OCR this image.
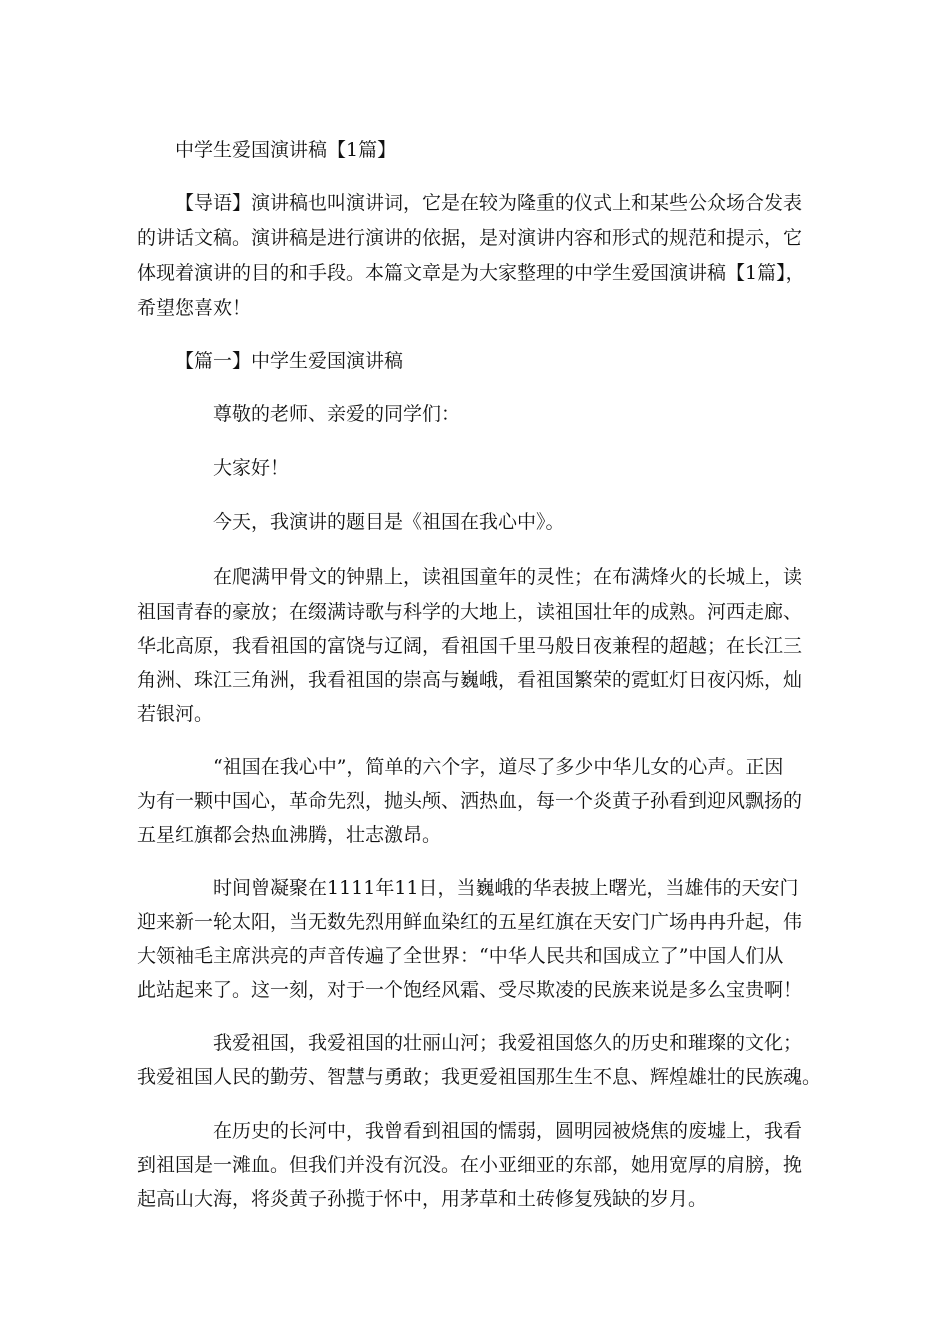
中学生爱国演讲稿【1篇】
【导语】演讲稿也叫演讲词，它是在较为隆重的仪式上和某些公众场合发表
的讲话文稿。演讲稿是进行演讲的依据，是对演讲内容和形式的规范和提示，它
体现着演讲的目的和手段。本篇文章是为大家整理的中学生爱国演讲稿【1篇】，
希望您喜欢！
【篇一】中学生爱国演讲稿
尊敬的老师、亲爱的同学们：
大家好！
今天，我演讲的题目是《祖国在我心中》。
在爬满甲骨文的钟鼎上，读祖国童年的灵性；在布满烽火的长城上，读
祖国青春的豪放；在缀满诗歌与科学的大地上，读祖国壮年的成熟。河西走廊、
华北高原，我看祖国的富饶与辽阔，看祖国千里马般日夜兼程的超越；在长江三
角洲、珠江三角洲，我看祖国的崇高与巍峨，看祖国繁荣的霓虹灯日夜闪烁，灿
若银河。
“祖国在我心中”，简单的六个字，道尽了多少中华儿女的心声。正因
为有一颗中国心，革命先烈，抛头颅、洒热血，每一个炎黄子孙看到迎风飘扬的
五星红旗都会热血沸腾，壮志激昂。
时间曾凝聚在1111年11日，当巍峨的华表披上曙光，当雄伟的天安门
迎来新一轮太阳，当无数先烈用鲜血染红的五星红旗在天安门广场冉冉升起，伟
大领袖毛主席洪亮的声音传遍了全世界：“中华人民共和国成立了”中国人们从
此站起来了。这一刻，对于一个饱经风霜、受尽欺凌的民族来说是多么宝贵啊！
我爱祖国，我爱祖国的壮丽山河；我爱祖国悠久的历史和璀璨的文化；
我爱祖国人民的勤劳、智慧与勇敢；我更爱祖国那生生不息、辉煌雄壮的民族魂。
在历史的长河中，我曾看到祖国的懦弱，圆明园被烧焦的废墟上，我看
到祖国是一滩血。但我们并没有沉没。在小亚细亚的东部，她用宽厚的肩膀，挽
起高山大海，将炎黄子孙揽于怀中，用茅草和土砖修复残缺的岁月。
